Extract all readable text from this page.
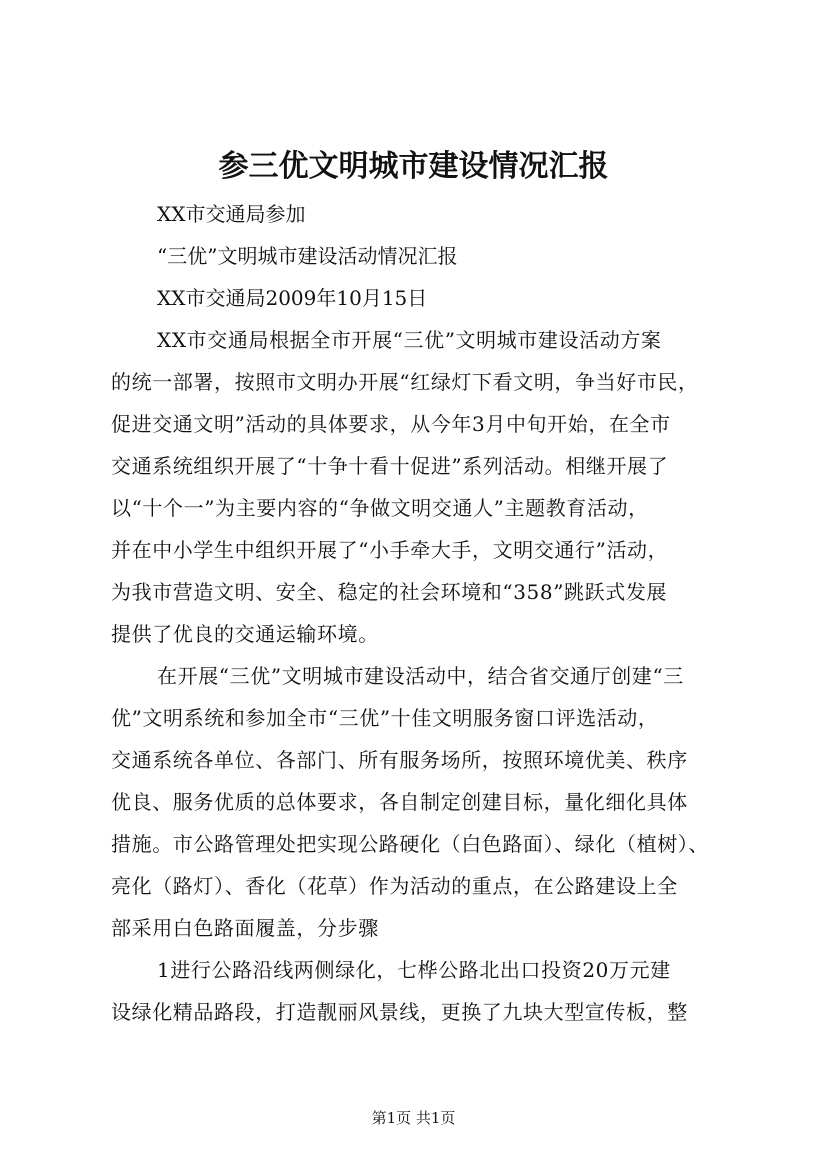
参三优文明城市建设情况汇报
XX市交通局参加
“三优”文明城市建设活动情况汇报
XX市交通局2009年10月15日
XX市交通局根据全市开展“三优”文明城市建设活动方案
的统一部署，按照市文明办开展“红绿灯下看文明，争当好市民，
促进交通文明”活动的具体要求，从今年3月中旬开始，在全市
交通系统组织开展了“十争十看十促进”系列活动。相继开展了
以“十个一”为主要内容的“争做文明交通人”主题教育活动，
并在中小学生中组织开展了“小手牵大手，文明交通行”活动，
为我市营造文明、安全、稳定的社会环境和“358”跳跃式发展
提供了优良的交通运输环境。
在开展“三优”文明城市建设活动中，结合省交通厅创建“三
优”文明系统和参加全市“三优”十佳文明服务窗口评选活动，
交通系统各单位、各部门、所有服务场所，按照环境优美、秩序
优良、服务优质的总体要求，各自制定创建目标，量化细化具体
措施。市公路管理处把实现公路硬化（白色路面）、绿化（植树）、
亮化（路灯）、香化（花草）作为活动的重点，在公路建设上全
部采用白色路面履盖，分步骤
1进行公路沿线两侧绿化，七桦公路北出口投资20万元建
设绿化精品路段，打造靓丽风景线，更换了九块大型宣传板，整
第1页 共1页
